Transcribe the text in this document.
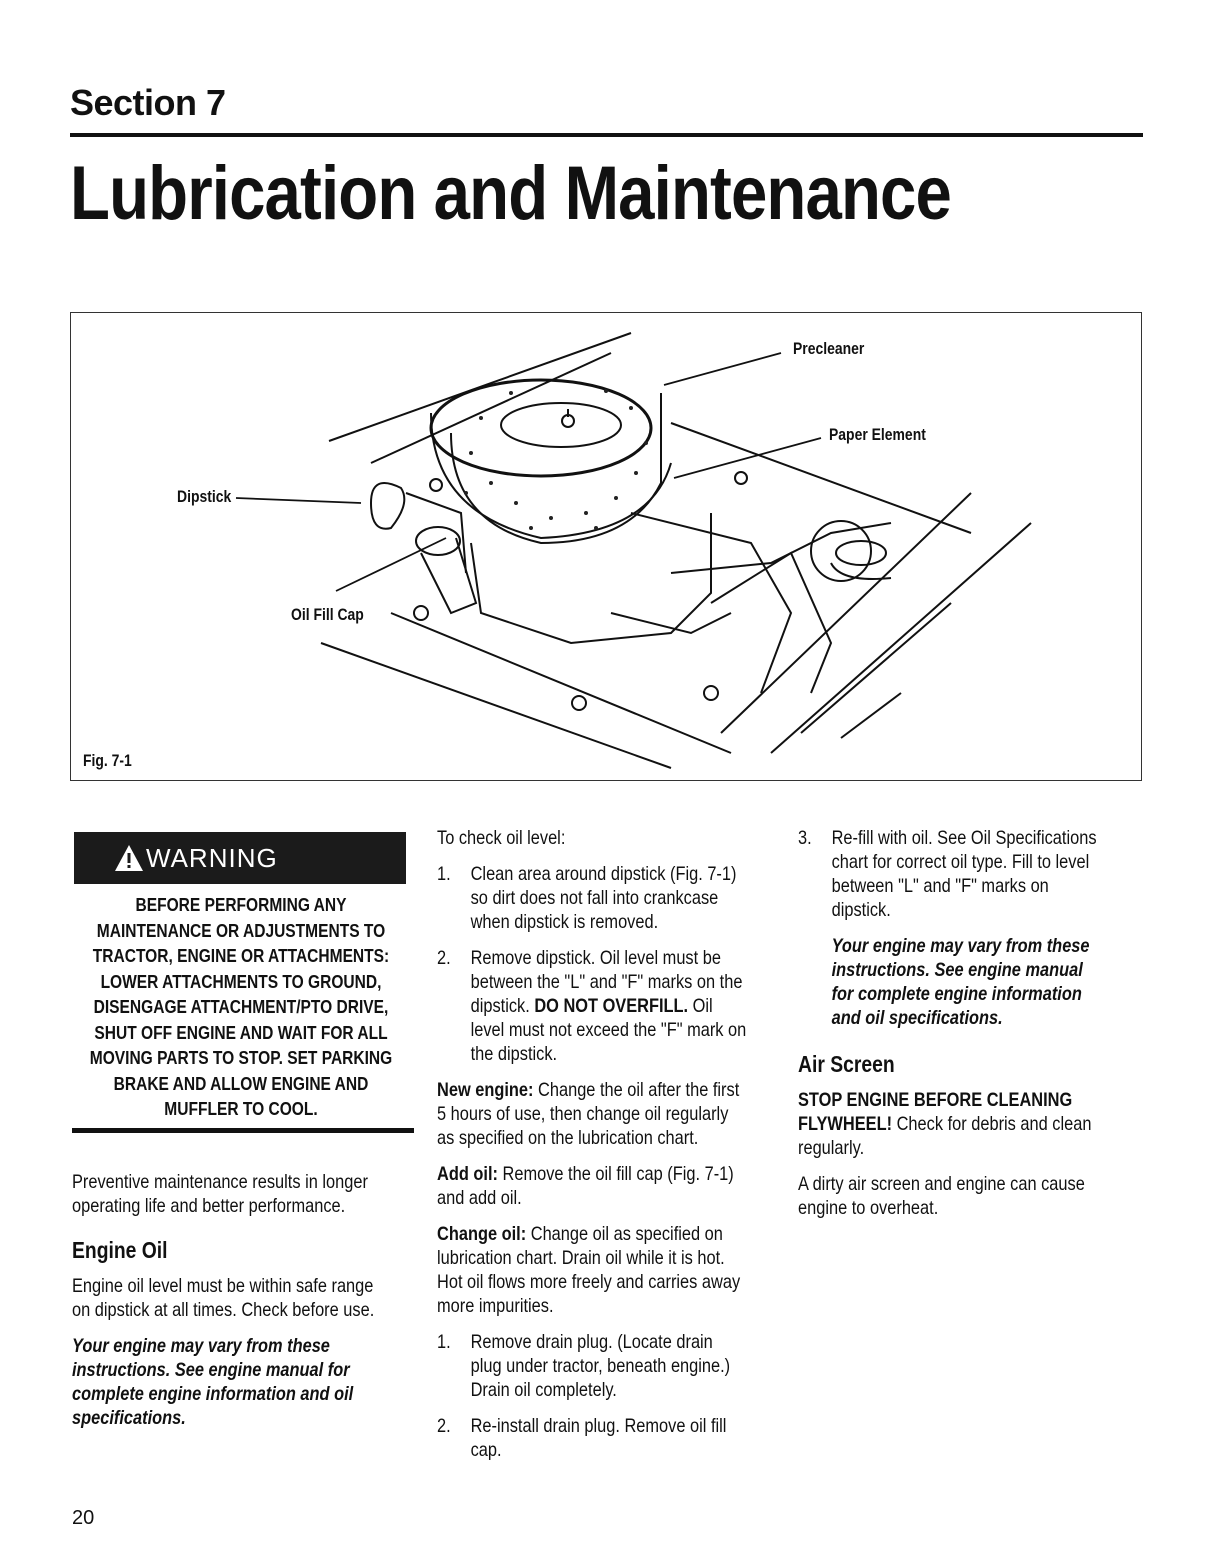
Section 7
Lubrication and Maintenance
Precleaner
Paper Element
Dipstick
Oil Fill Cap
Fig. 7-1
WARNING
BEFORE PERFORMING ANY
MAINTENANCE OR ADJUSTMENTS TO
TRACTOR, ENGINE OR ATTACHMENTS:
LOWER ATTACHMENTS TO GROUND,
DISENGAGE ATTACHMENT/PTO DRIVE,
SHUT OFF ENGINE AND WAIT FOR ALL
MOVING PARTS TO STOP. SET PARKING
BRAKE AND ALLOW ENGINE AND
MUFFLER TO COOL.

Preventive maintenance results in longer
operating life and better performance.

Engine Oil

Engine oil level must be within safe range
on dipstick at all times. Check before use.

Your engine may vary from these
instructions. See engine manual for
complete engine information and oil
specifications.

To check oil level:

1. Clean area around dipstick (Fig. 7-1)
so dirt does not fall into crankcase
when dipstick is removed.
2. Remove dipstick. Oil level must be
between the "L" and "F" marks on the
dipstick. DO NOT OVERFILL. Oil
level must not exceed the "F" mark on
the dipstick.

New engine: Change the oil after the first
5 hours of use, then change oil regularly
as specified on the lubrication chart.

Add oil: Remove the oil fill cap (Fig. 7-1)
and add oil.

Change oil: Change oil as specified on
lubrication chart. Drain oil while it is hot.
Hot oil flows more freely and carries away
more impurities.

1. Remove drain plug. (Locate drain
plug under tractor, beneath engine.)
Drain oil completely.
2. Re-install drain plug. Remove oil fill
cap.
3. Re-fill with oil. See Oil Specifications
chart for correct oil type. Fill to level
between "L" and "F" marks on
dipstick.

Your engine may vary from these
instructions. See engine manual
for complete engine information
and oil specifications.

Air Screen

STOP ENGINE BEFORE CLEANING
FLYWHEEL! Check for debris and clean
regularly.

A dirty air screen and engine can cause
engine to overheat.

20
